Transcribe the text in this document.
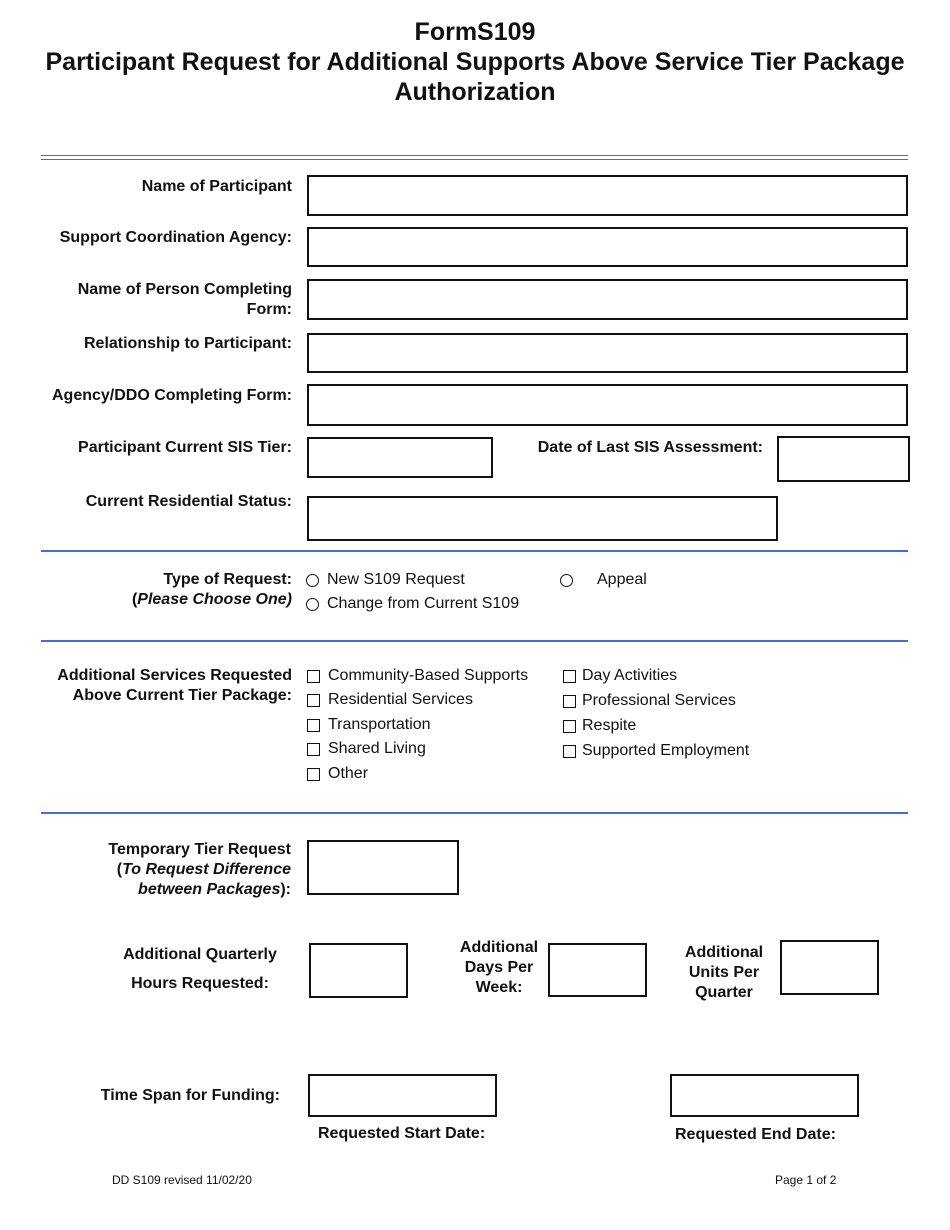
FormS109
Participant Request for Additional Supports Above Service Tier Package
Authorization
Name of Participant
Support Coordination Agency:
Name of Person Completing
Form:
Relationship to Participant:
Agency/DDO Completing Form:
Participant Current SIS Tier:	Date of Last SIS Assessment:
Current Residential Status:
Type of Request:
(Please Choose One)
New S109 Request	Appeal
Change from Current S109
Additional Services Requested
Above Current Tier Package:
Community-Based Supports
Residential Services
Transportation
Shared Living
Other
Day Activities
Professional Services
Respite
Supported Employment
Temporary Tier Request
(To Request Difference
between Packages):
Additional Quarterly
Hours Requested:
Additional
Days Per
Week:
Additional
Units Per
Quarter
Time Span for Funding:
Requested Start Date:	Requested End Date:
DD S109 revised 11/02/20	Page 1 of 2
